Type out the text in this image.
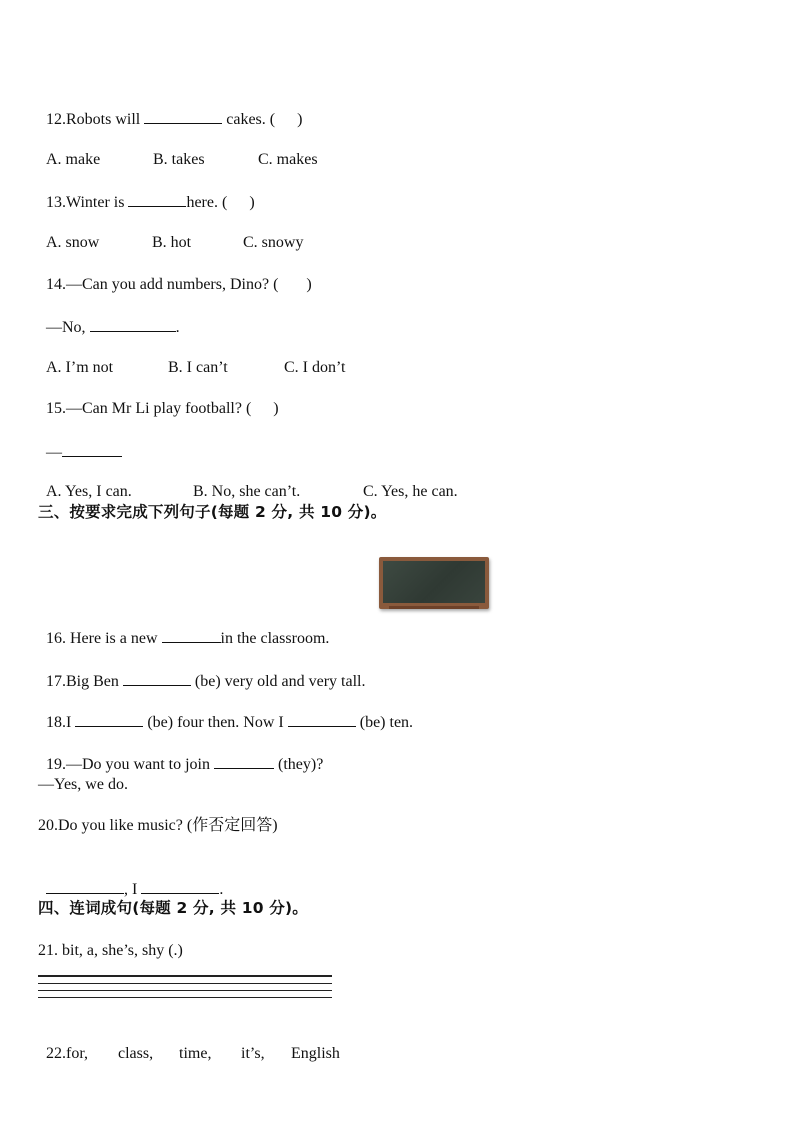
12.Robots will	cakes. ( )

A. make	B. takes	C. makes

13.Winter is	here. ( )

A. snow	B. hot	C. snowy

14.—Can you add numbers, Dino? ( )

—No,	.

A. I’m not	B. I can’t	C. I don’t

15.—Can Mr Li play football? ( )

—

A. Yes, I can.	B. No, she can’t.	C. Yes, he can.

三、按要求完成下列句子(每题 2 分, 共 10 分)。

16. Here is a new	in the classroom.

17.Big Ben	(be) very old and very tall.

18.I	(be) four then. Now I	(be) ten.

19.—Do you want to join	(they)?

—Yes, we do.
20.Do you like music? (作否定回答)

, I	.

四、连词成句(每题 2 分, 共 10 分)。
21. bit, a, she’s, shy (.)

22.for, class, time, it’s, English
